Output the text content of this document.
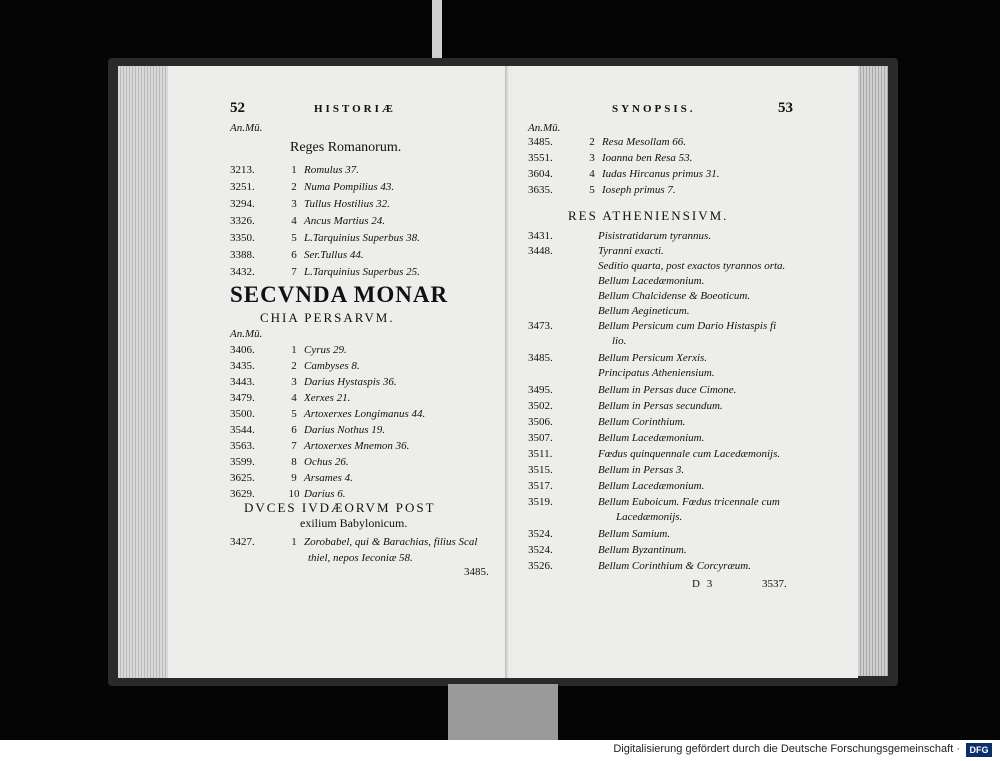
52	HISTORIÆ
An.Mū.
Reges Romanorum.
3213.	1 Romulus 37.
3251.	2 Numa Pompilius 43.
3294.	3 Tullus Hostilius 32.
3326.	4 Ancus Martius 24.
3350.	5 L.Tarquinius Superbus 38.
3388.	6 Ser.Tullus 44.
3432.	7 L.Tarquinius Superbus 25.
SECVNDA MONAR
CHIA PERSARVM.
An.Mū.
3406.	1 Cyrus 29.
3435.	2 Cambyses 8.
3443.	3 Darius Hystaspis 36.
3479.	4 Xerxes 21.
3500.	5 Artoxerxes Longimanus 44.
3544.	6 Darius Nothus 19.
3563.	7 Artoxerxes Mnemon 36.
3599.	8 Ochus 26.
3625.	9 Arsames 4.
3629.	10 Darius 6.
DVCES IVDÆORVM POST
exilium Babylonicum.
3427.	1 Zorobabel, qui & Barachias, filius Scal
thiel, nepos Ieconiæ 58.
3485.
SYNOPSIS.	53
An.Mū.
3485.	2 Resa Mesollam 66.
3551.	3 Ioanna ben Resa 53.
3604.	4 Iudas Hircanus primus 31.
3635.	5 Ioseph primus 7.
RES ATHENIENSIVM.
3431.	Pisistratidarum tyrannus.
3448.	Tyranni exacti.
Seditio quarta, post exactos tyrannos orta.
Bellum Lacedæmonium.
Bellum Chalcidense & Boeoticum.
Bellum Aegineticum.
3473.	Bellum Persicum cum Dario Histaspis fi
lio.
3485.	Bellum Persicum Xerxis.
Principatus Atheniensium.
3495.	Bellum in Persas duce Cimone.
3502.	Bellum in Persas secundum.
3506.	Bellum Corinthium.
3507.	Bellum Lacedæmonium.
3511.	Fœdus quinquennale cum Lacedæmonijs.
3515.	Bellum in Persas 3.
3517.	Bellum Lacedæmonium.
3519.	Bellum Euboicum. Fœdus tricennale cum
Lacedæmonijs.
3524.	Bellum Samium.
3524.	Bellum Byzantinum.
3526.	Bellum Corinthium & Corcyræum.
D 3	3537.
Digitalisierung gefördert durch die Deutsche Forschungsgemeinschaft ·	DFG
